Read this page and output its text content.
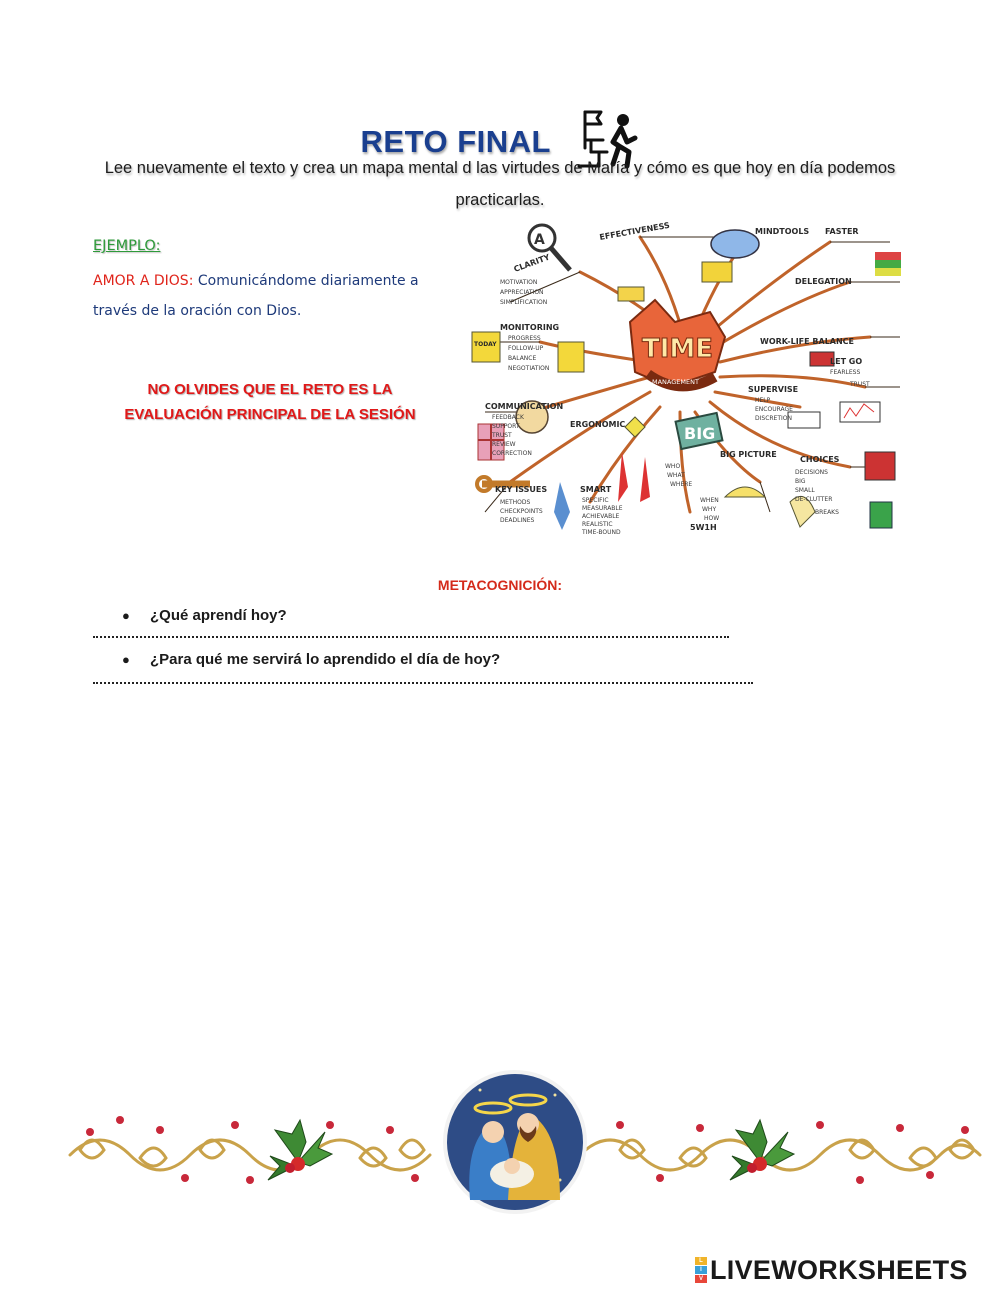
RETO FINAL
Lee nuevamente el texto y crea un mapa mental d las virtudes de María y cómo es que hoy en día podemos practicarlas.
EJEMPLO:
AMOR A DIOS: Comunicándome diariamente a través de la oración con Dios.
NO OLVIDES QUE EL RETO ES LA
EVALUACIÓN PRINCIPAL DE LA SESIÓN
TIME
MANAGEMENT
BIG
A
CLARITY
EFFECTIVENESS	MINDTOOLS FASTER
DELEGATION
MONITORING
WORK-LIFE BALANCE
LET GO
COMMUNICATION
ERGONOMIC
SUPERVISE
KEY ISSUES	SMART
BIG PICTURE
CHOICES
5W1H
TODAY
MOTIVATION
APPRECIATION
SIMPLIFICATION
PROGRESS
FOLLOW-UP
BALANCE
NEGOTIATION
FEEDBACK
SUPPORT
TRUST
REVIEW
CORRECTION
METHODS
CHECKPOINTS
DEADLINES
SPECIFIC
MEASURABLE
ACHIEVABLE
REALISTIC
TIME-BOUND
WHO
WHAT
WHERE
WHEN
WHY
HOW
DECISIONS
BIG
SMALL
DE-CLUTTER
BREAKS
FEARLESS
TRUST
HELP
ENCOURAGE
DISCRETION
METACOGNICIÓN:
● ¿Qué aprendí hoy?
● ¿Para qué me servirá lo aprendido el día de hoy?
L
I
V LIVEWORKSHEETS
